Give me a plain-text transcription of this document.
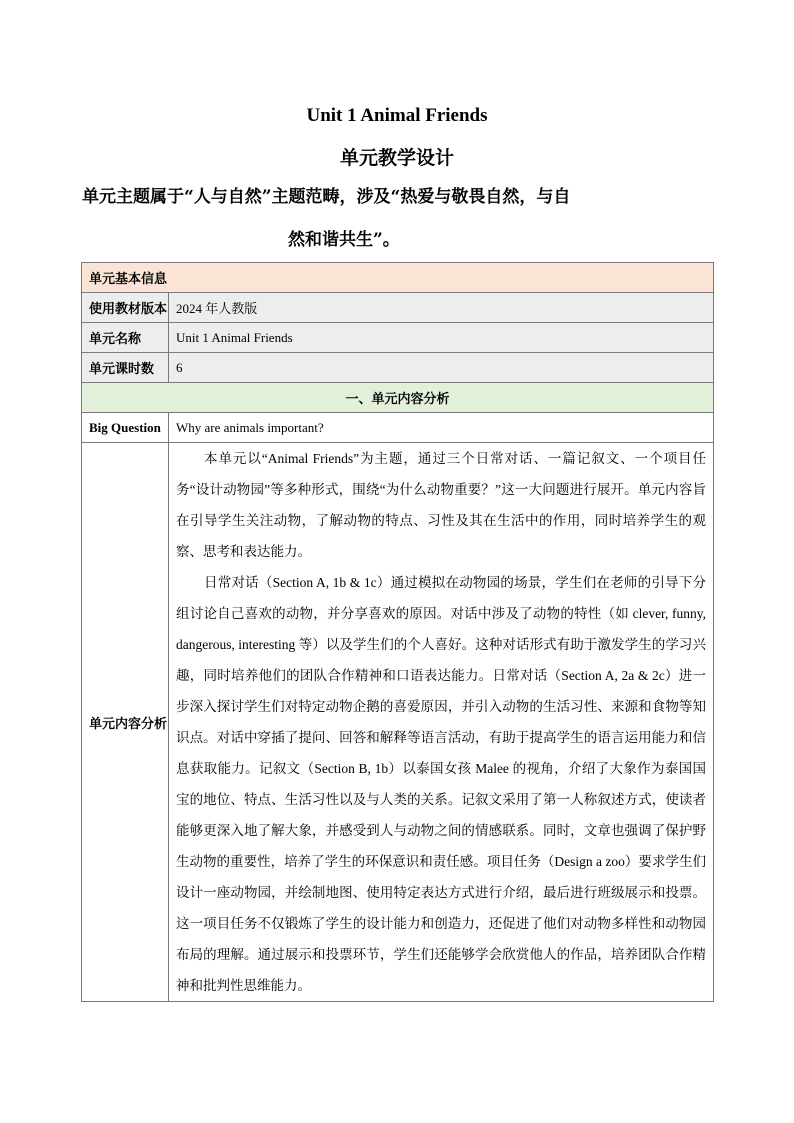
Unit 1 Animal Friends
单元教学设计
单元主题属于“人与自然”主题范畴，涉及“热爱与敬畏自然，与自
然和谐共生”。
单元基本信息	
使用教材版本	2024 年人教版
单元名称	Unit 1 Animal Friends
单元课时数	6
一、单元内容分析	
Big Question	Why are animals important?
单元内容分析	本单元以“Animal Friends”为主题，通过三个日常对话、一篇记叙文、一个项目任务“设计动物园”等多种形式，围绕“为什么动物重要？”这一大问题进行展开。单元内容旨在引导学生关注动物，了解动物的特点、习性及其在生活中的作用，同时培养学生的观察、思考和表达能力。

日常对话（Section A, 1b & 1c）通过模拟在动物园的场景，学生们在老师的引导下分组讨论自己喜欢的动物，并分享喜欢的原因。对话中涉及了动物的特性（如 clever, funny, dangerous, interesting 等）以及学生们的个人喜好。这种对话形式有助于激发学生的学习兴趣，同时培养他们的团队合作精神和口语表达能力。日常对话（Section A, 2a & 2c）进一步深入探讨学生们对特定动物企鹅的喜爱原因，并引入动物的生活习性、来源和食物等知识点。对话中穿插了提问、回答和解释等语言活动，有助于提高学生的语言运用能力和信息获取能力。记叙文（Section B, 1b）以泰国女孩 Malee 的视角，介绍了大象作为泰国国宝的地位、特点、生活习性以及与人类的关系。记叙文采用了第一人称叙述方式，使读者能够更深入地了解大象，并感受到人与动物之间的情感联系。同时，文章也强调了保护野生动物的重要性，培养了学生的环保意识和责任感。项目任务（Design a zoo）要求学生们设计一座动物园，并绘制地图、使用特定表达方式进行介绍，最后进行班级展示和投票。这一项目任务不仅锻炼了学生的设计能力和创造力，还促进了他们对动物多样性和动物园布局的理解。通过展示和投票环节，学生们还能够学会欣赏他人的作品，培养团队合作精神和批判性思维能力。
